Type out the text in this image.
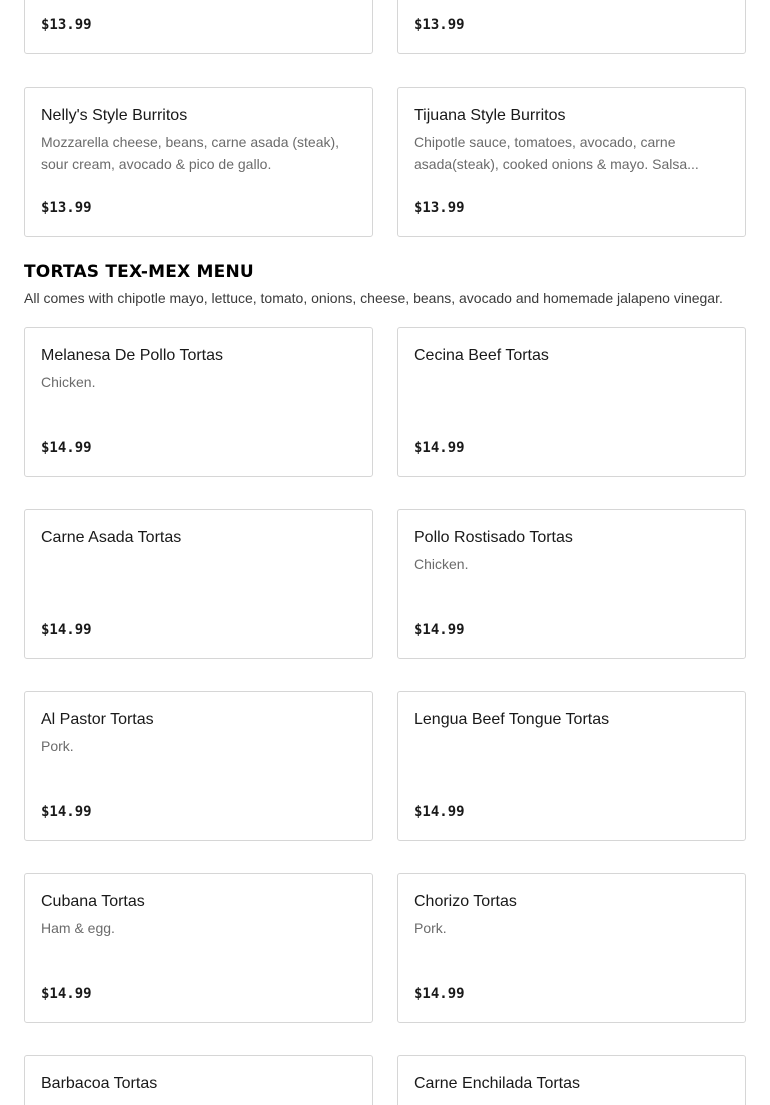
$13.99	$13.99
Nelly's Style Burritos
Mozzarella cheese, beans, carne asada (steak), sour cream, avocado & pico de gallo.
$13.99
Tijuana Style Burritos
Chipotle sauce, tomatoes, avocado, carne asada(steak), cooked onions & mayo. Salsa...
$13.99
TORTAS TEX-MEX MENU
All comes with chipotle mayo, lettuce, tomato, onions, cheese, beans, avocado and homemade jalapeno vinegar.
Melanesa De Pollo Tortas
Chicken.
$14.99
Cecina Beef Tortas
$14.99
Carne Asada Tortas
$14.99
Pollo Rostisado Tortas
Chicken.
$14.99
Al Pastor Tortas
Pork.
$14.99
Lengua Beef Tongue Tortas
$14.99
Cubana Tortas
Ham & egg.
$14.99
Chorizo Tortas
Pork.
$14.99
Barbacoa Tortas	Carne Enchilada Tortas
